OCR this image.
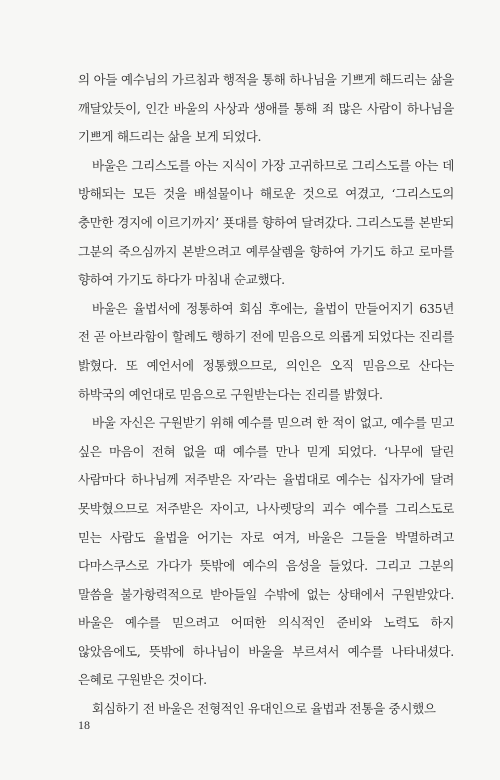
의 아들 예수님의 가르침과 행적을 통해 하나님을 기쁘게 해드리는 삶을 깨달았듯이, 인간 바울의 사상과 생애를 통해 죄 많은 사람이 하나님을 기쁘게 해드리는 삶을 보게 되었다.

바울은 그리스도를 아는 지식이 가장 고귀하므로 그리스도를 아는 데 방해되는 모든 것을 배설물이나 해로운 것으로 여겼고, ‘그리스도의 충만한 경지에 이르기까지’ 푯대를 향하여 달려갔다. 그리스도를 본받되 그분의 죽으심까지 본받으려고 예루살렘을 향하여 가기도 하고 로마를 향하여 가기도 하다가 마침내 순교했다.

바울은 율법서에 정통하여 회심 후에는, 율법이 만들어지기 635년 전 곧 아브라함이 할례도 행하기 전에 믿음으로 의롭게 되었다는 진리를 밝혔다. 또 예언서에 정통했으므로, 의인은 오직 믿음으로 산다는 하박국의 예언대로 믿음으로 구원받는다는 진리를 밝혔다.

바울 자신은 구원받기 위해 예수를 믿으려 한 적이 없고, 예수를 믿고 싶은 마음이 전혀 없을 때 예수를 만나 믿게 되었다. ‘나무에 달린 사람마다 하나님께 저주받은 자’라는 율법대로 예수는 십자가에 달려 못박혔으므로 저주받은 자이고, 나사렛당의 괴수 예수를 그리스도로 믿는 사람도 율법을 어기는 자로 여겨, 바울은 그들을 박멸하려고 다마스쿠스로 가다가 뜻밖에 예수의 음성을 들었다. 그리고 그분의 말씀을 불가항력적으로 받아들일 수밖에 없는 상태에서 구원받았다. 바울은 예수를 믿으려고 어떠한 의식적인 준비와 노력도 하지 않았음에도, 뜻밖에 하나님이 바울을 부르셔서 예수를 나타내셨다. 은혜로 구원받은 것이다.

회심하기 전 바울은 전형적인 유대인으로 율법과 전통을 중시했으

18
